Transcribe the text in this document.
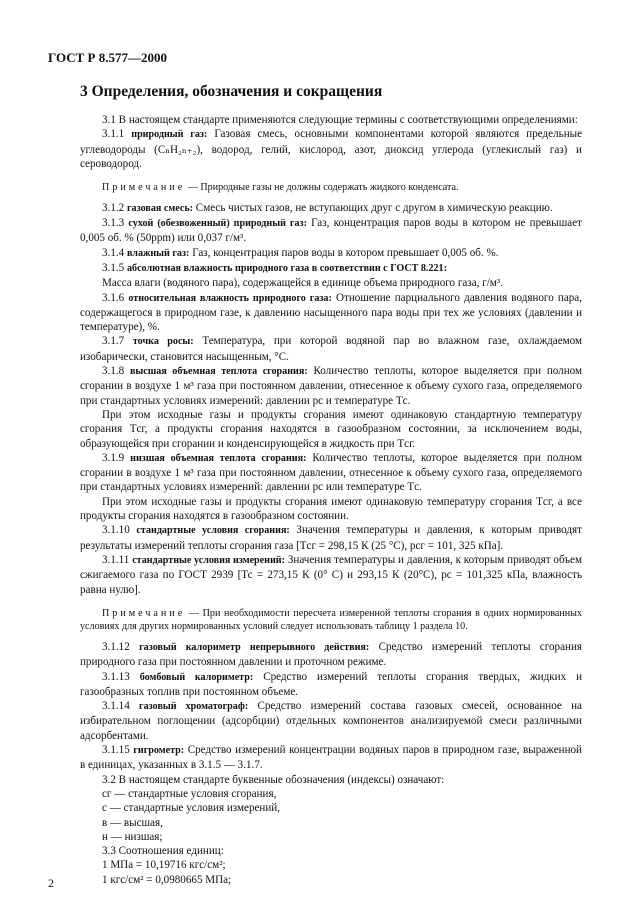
ГОСТ Р 8.577—2000
3 Определения, обозначения и сокращения

3.1 В настоящем стандарте применяются следующие термины с соответствующими определениями:

3.1.1 природный газ: Газовая смесь, основными компонентами которой являются предельные углеводороды (CₙH₂ₙ₊₂), водород, гелий, кислород, азот, диоксид углерода (углекислый газ) и сероводород.

Примечание — Природные газы не должны содержать жидкого конденсата.

3.1.2 газовая смесь: Смесь чистых газов, не вступающих друг с другом в химическую реакцию.

3.1.3 сухой (обезвоженный) природный газ: Газ, концентрация паров воды в котором не превышает 0,005 об. % (50ppm) или 0,037 г/м³.

3.1.4 влажный газ: Газ, концентрация паров воды в котором превышает 0,005 об. %.

3.1.5 абсолютная влажность природного газа в соответствии с ГОСТ 8.221:

Масса влаги (водяного пара), содержащейся в единице объема природного газа, г/м³.

3.1.6 относительная влажность природного газа: Отношение парциального давления водяного пара, содержащегося в природном газе, к давлению насыщенного пара воды при тех же условиях (давлении и температуре), %.

3.1.7 точка росы: Температура, при которой водяной пар во влажном газе, охлаждаемом изобарически, становится насыщенным, °С.

3.1.8 высшая объемная теплота сгорания: Количество теплоты, которое выделяется при полном сгорании в воздухе 1 м³ газа при постоянном давлении, отнесенное к объему сухого газа, определяемого при стандартных условиях измерений: давлении pс и температуре Tс.

При этом исходные газы и продукты сгорания имеют одинаковую стандартную температуру сгорания Tсг, а продукты сгорания находятся в газообразном состоянии, за исключением воды, образующейся при сгорании и конденсирующейся в жидкость при Tсг.

3.1.9 низшая объемная теплота сгорания: Количество теплоты, которое выделяется при полном сгорании в воздухе 1 м³ газа при постоянном давлении, отнесенное к объему сухого газа, определяемого при стандартных условиях измерений: давлении pс или температуре Tс.

При этом исходные газы и продукты сгорания имеют одинаковую температуру сгорания Tсг, а все продукты сгорания находятся в газообразном состоянии.

3.1.10 стандартные условия сгорания: Значения температуры и давления, к которым приводят результаты измерений теплоты сгорания газа [Tсг = 298,15 К (25 °С), pсг = 101, 325 кПа].

3.1.11 стандартные условия измерений: Значения температуры и давления, к которым приводят объем сжигаемого газа по ГОСТ 2939 [Тс = 273,15 К (0° С) и 293,15 К (20°С), pс = 101,325 кПа, влажность равна нулю].

Примечание — При необходимости пересчета измеренной теплоты сгорания в одних нормированных условиях для других нормированных условий следует использовать таблицу 1 раздела 10.

3.1.12 газовый калориметр непрерывного действия: Средство измерений теплоты сгорания природного газа при постоянном давлении и проточном режиме.

3.1.13 бомбовый калориметр: Средство измерений теплоты сгорания твердых, жидких и газообразных топлив при постоянном объеме.

3.1.14 газовый хроматограф: Средство измерений состава газовых смесей, основанное на избирательном поглощении (адсорбции) отдельных компонентов анализируемой смеси различными адсорбентами.

3.1.15 гигрометр: Средство измерений концентрации водяных паров в природном газе, выраженной в единицах, указанных в 3.1.5 — 3.1.7.

3.2 В настоящем стандарте буквенные обозначения (индексы) означают:

сг — стандартные условия сгорания,

с — стандартные условия измерений,

в — высшая,

н — низшая;

3.3 Соотношения единиц:

1 МПа = 10,19716 кгс/см²;

1 кгс/см² = 0,0980665 МПа;

2
